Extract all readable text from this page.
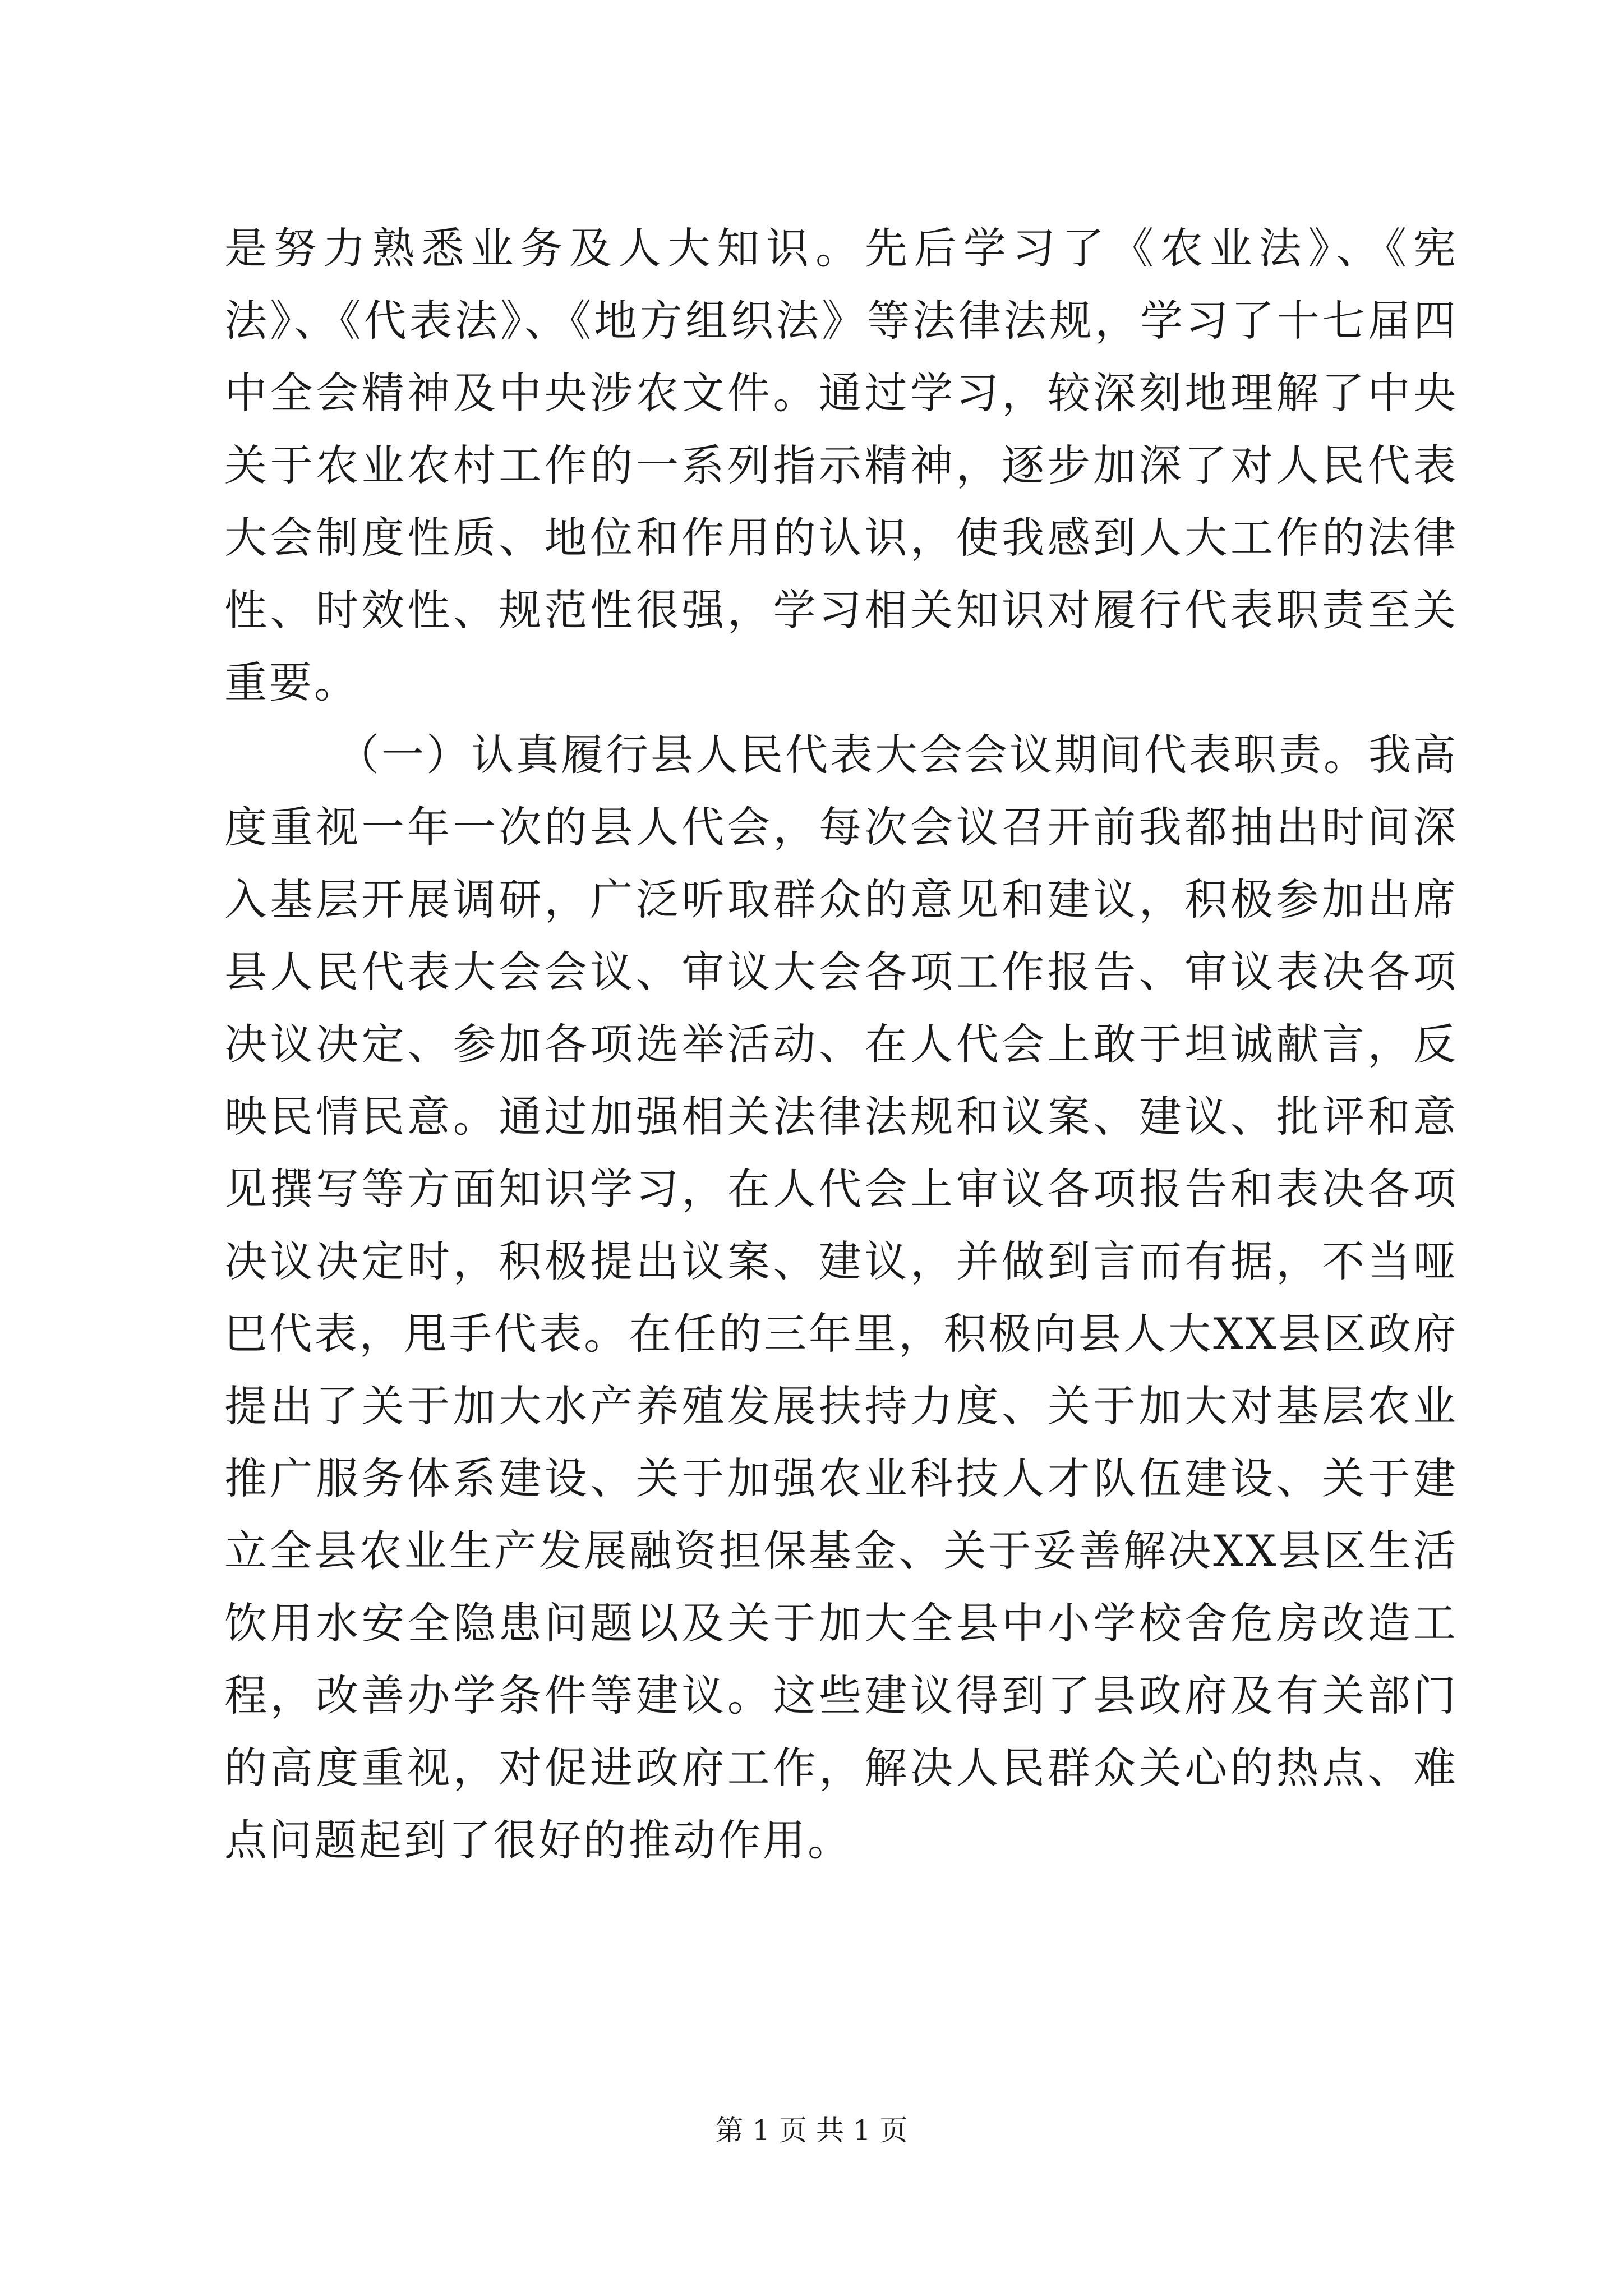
是努力熟悉业务及人大知识。先后学习了《农业法》、《宪法》、《代表法》、《地方组织法》等法律法规，学习了十七届四中全会精神及中央涉农文件。通过学习，较深刻地理解了中央关于农业农村工作的一系列指示精神，逐步加深了对人民代表大会制度性质、地位和作用的认识，使我感到人大工作的法律性、时效性、规范性很强，学习相关知识对履行代表职责至关重要。

（一）认真履行县人民代表大会会议期间代表职责。我高度重视一年一次的县人代会，每次会议召开前我都抽出时间深入基层开展调研，广泛听取群众的意见和建议，积极参加出席县人民代表大会会议、审议大会各项工作报告、审议表决各项决议决定、参加各项选举活动、在人代会上敢于坦诚献言，反映民情民意。通过加强相关法律法规和议案、建议、批评和意见撰写等方面知识学习，在人代会上审议各项报告和表决各项决议决定时，积极提出议案、建议，并做到言而有据，不当哑巴代表，甩手代表。在任的三年里，积极向县人大XX县区政府提出了关于加大水产养殖发展扶持力度、关于加大对基层农业推广服务体系建设、关于加强农业科技人才队伍建设、关于建立全县农业生产发展融资担保基金、关于妥善解决XX县区生活饮用水安全隐患问题以及关于加大全县中小学校舍危房改造工程，改善办学条件等建议。这些建议得到了县政府及有关部门的高度重视，对促进政府工作，解决人民群众关心的热点、难点问题起到了很好的推动作用。

第 1 页 共 1 页
